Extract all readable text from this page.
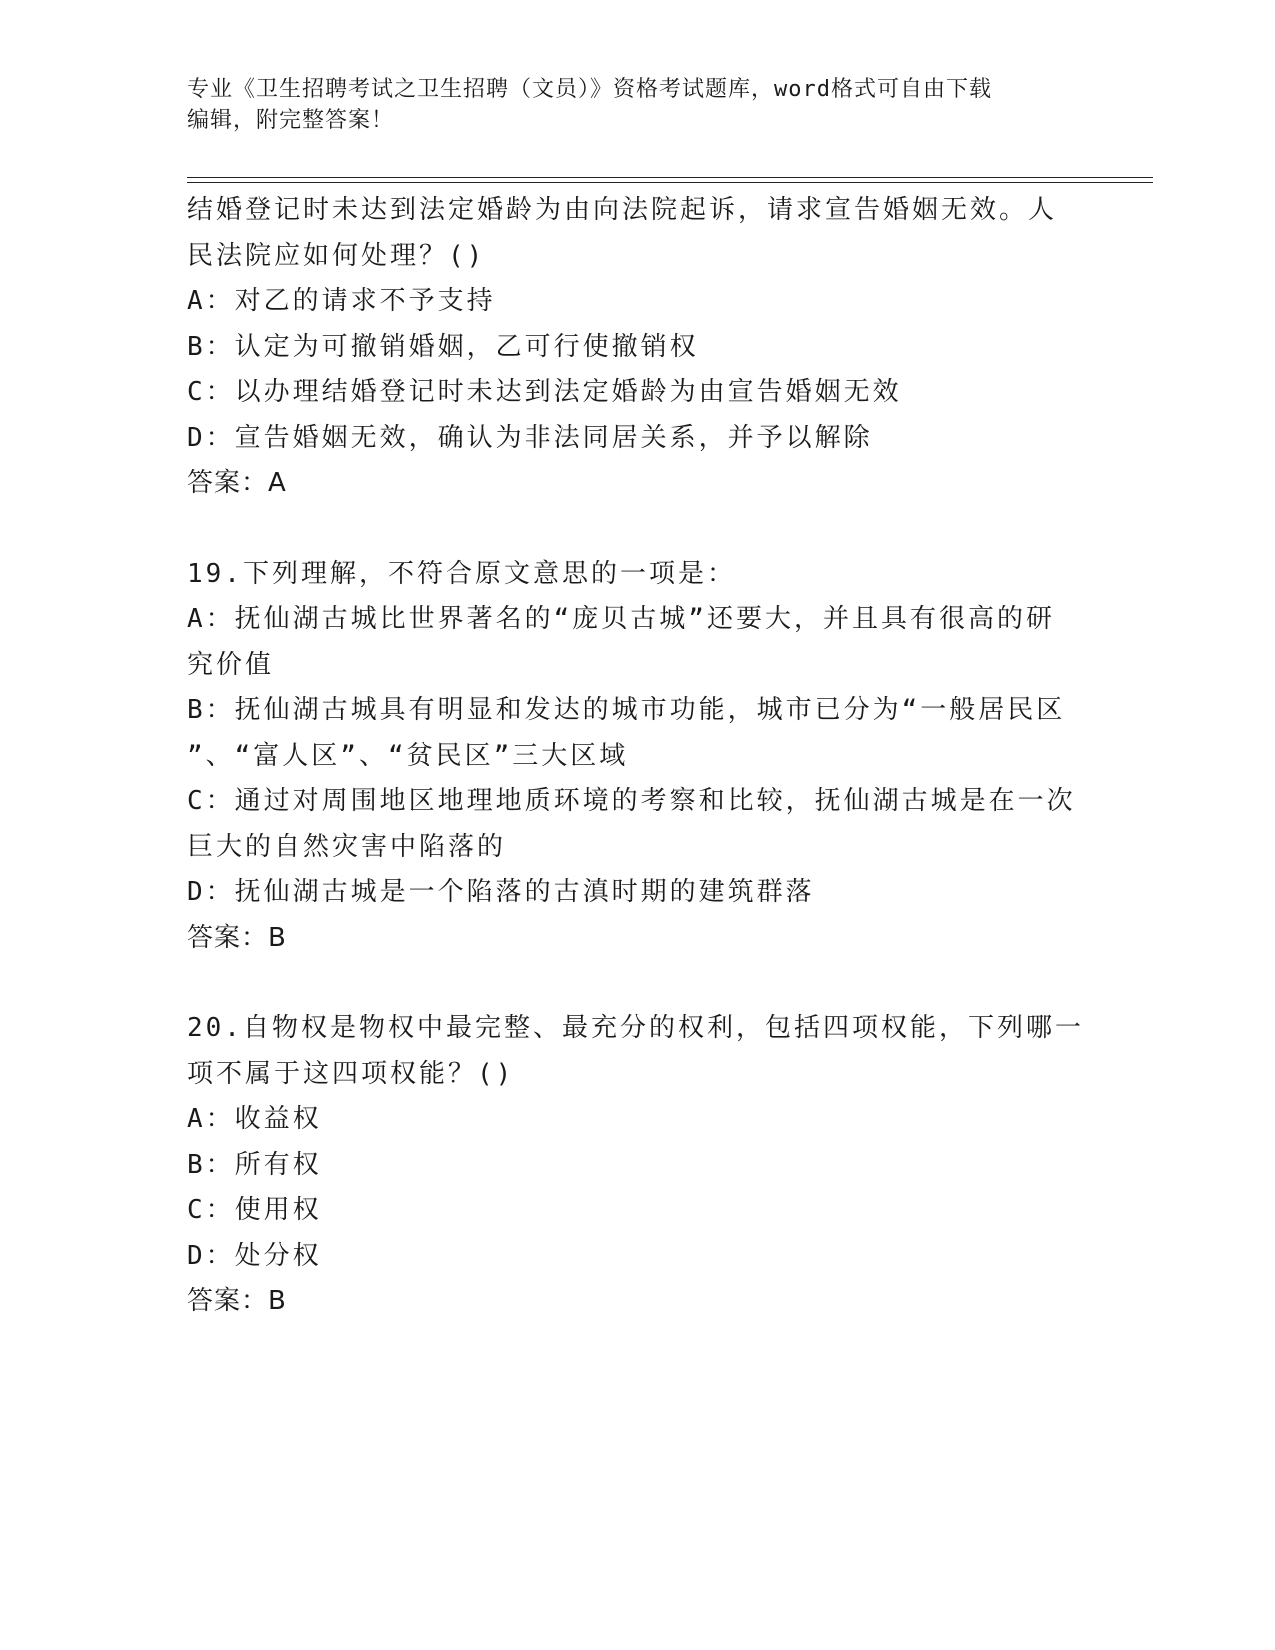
专业《卫生招聘考试之卫生招聘（文员）》资格考试题库，word格式可自由下载
编辑，附完整答案！
结婚登记时未达到法定婚龄为由向法院起诉，请求宣告婚姻无效。人
民法院应如何处理？()
A：对乙的请求不予支持
B：认定为可撤销婚姻，乙可行使撤销权
C：以办理结婚登记时未达到法定婚龄为由宣告婚姻无效
D：宣告婚姻无效，确认为非法同居关系，并予以解除
答案：A
19.下列理解，不符合原文意思的一项是：
A：抚仙湖古城比世界著名的“庞贝古城”还要大，并且具有很高的研
究价值
B：抚仙湖古城具有明显和发达的城市功能，城市已分为“一般居民区
”、“富人区”、“贫民区”三大区域
C：通过对周围地区地理地质环境的考察和比较，抚仙湖古城是在一次
巨大的自然灾害中陷落的
D：抚仙湖古城是一个陷落的古滇时期的建筑群落
答案：B
20.自物权是物权中最完整、最充分的权利，包括四项权能，下列哪一
项不属于这四项权能？()
A：收益权
B：所有权
C：使用权
D：处分权
答案：B
